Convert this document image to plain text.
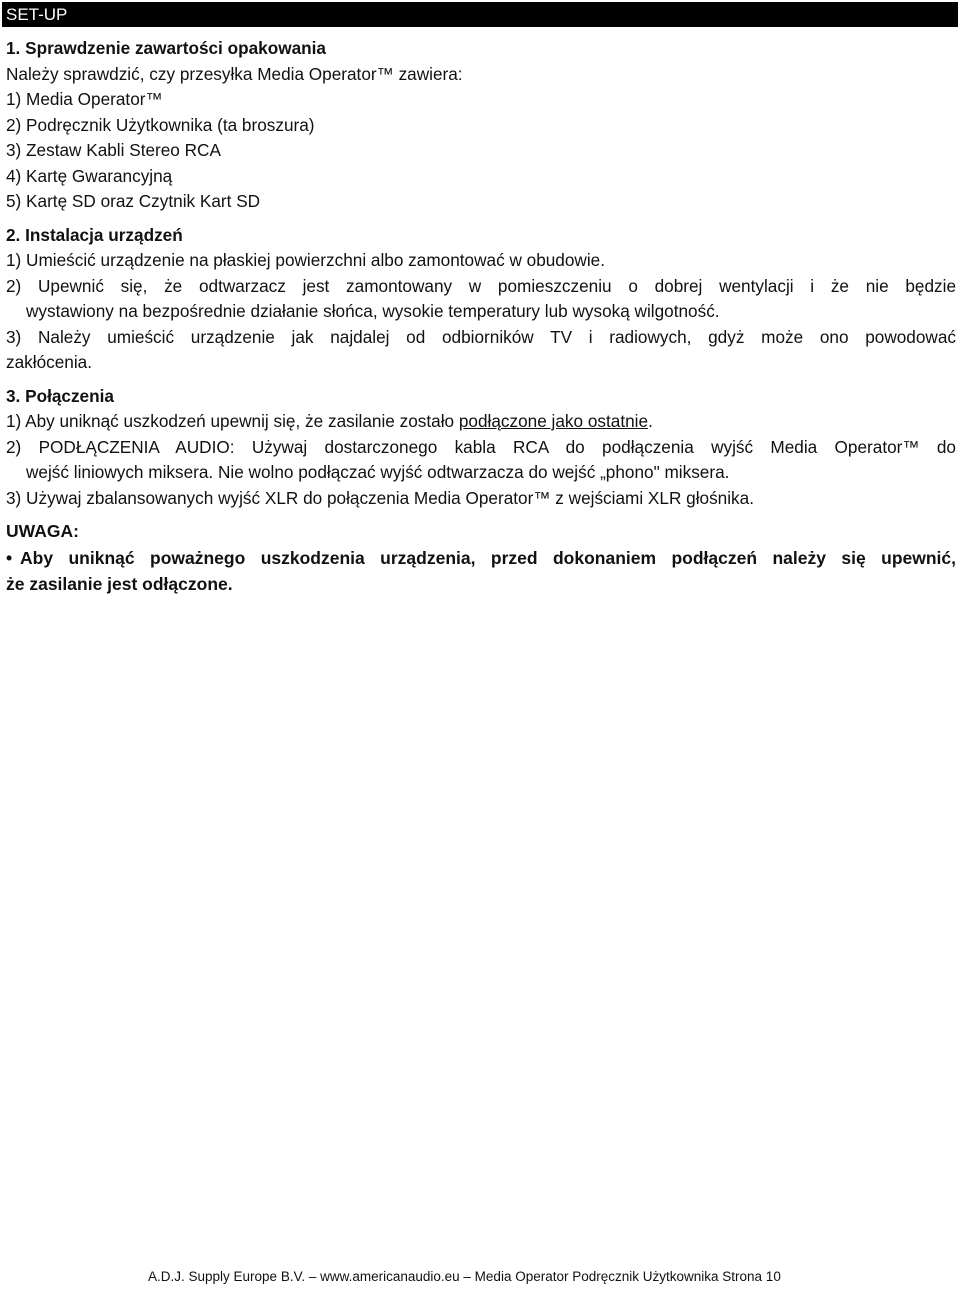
SET-UP

1. Sprawdzenie zawartości opakowania

Należy sprawdzić, czy przesyłka Media Operator™ zawiera:

1) Media Operator™

2) Podręcznik Użytkownika (ta broszura)

3) Zestaw Kabli Stereo RCA

4) Kartę Gwarancyjną

5) Kartę SD oraz Czytnik Kart SD

2. Instalacja urządzeń

1) Umieścić urządzenie na płaskiej powierzchni albo zamontować w obudowie.

2) Upewnić się, że odtwarzacz jest zamontowany w pomieszczeniu o dobrej wentylacji i że nie będzie
wystawiony na bezpośrednie działanie słońca, wysokie temperatury lub wysoką wilgotność.

3) Należy umieścić urządzenie jak najdalej od odbiorników TV i radiowych, gdyż może ono powodować
zakłócenia.

3. Połączenia

1) Aby uniknąć uszkodzeń upewnij się, że zasilanie zostało podłączone jako ostatnie.

2) PODŁĄCZENIA AUDIO: Używaj dostarczonego kabla RCA do podłączenia wyjść Media Operator™ do
wejść liniowych miksera. Nie wolno podłączać wyjść odtwarzacza do wejść „phono" miksera.

3) Używaj zbalansowanych wyjść XLR do połączenia Media Operator™ z wejściami XLR głośnika.

UWAGA:

• Aby uniknąć poważnego uszkodzenia urządzenia, przed dokonaniem podłączeń należy się upewnić,
że zasilanie jest odłączone.

A.D.J. Supply Europe B.V. – www.americanaudio.eu – Media Operator Podręcznik Użytkownika Strona 10
